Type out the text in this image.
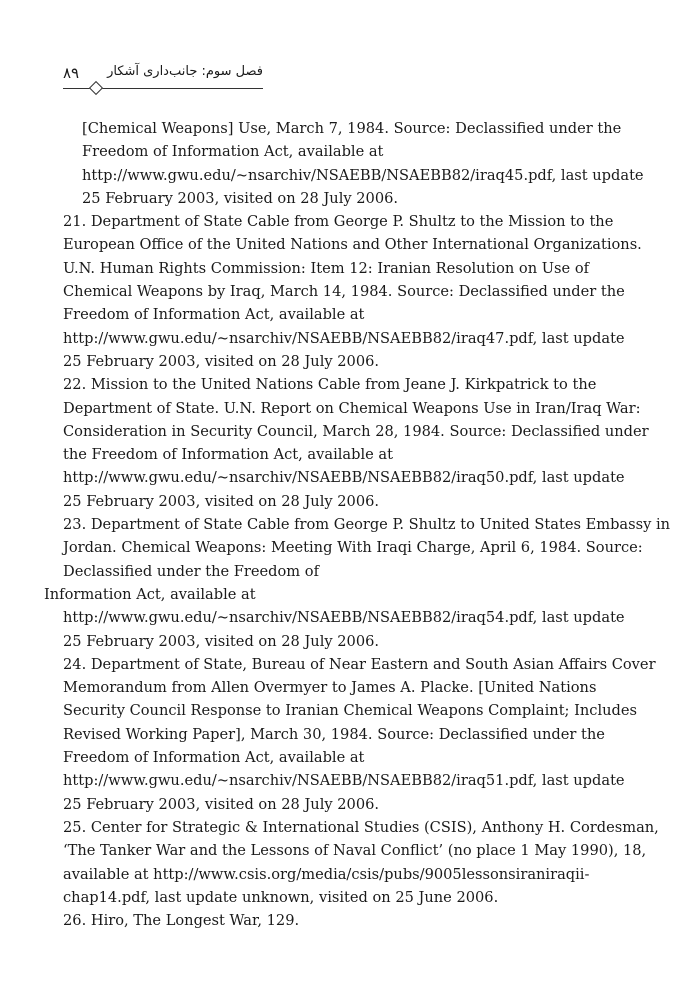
۸۹ فصل سوم: جانب‌داری آشکار

[Chemical Weapons] Use, March 7, 1984. Source: Declassified under the
Freedom of Information Act, available at
http://www.gwu.edu/~nsarchiv/NSAEBB/NSAEBB82/iraq45.pdf, last update
25 February 2003, visited on 28 July 2006.

21. Department of State Cable from George P. Shultz to the Mission to the
European Office of the United Nations and Other International Organizations.
U.N. Human Rights Commission: Item 12: Iranian Resolution on Use of
Chemical Weapons by Iraq, March 14, 1984. Source: Declassified under the
Freedom of Information Act, available at
http://www.gwu.edu/~nsarchiv/NSAEBB/NSAEBB82/iraq47.pdf, last update
25 February 2003, visited on 28 July 2006.

22. Mission to the United Nations Cable from Jeane J. Kirkpatrick to the
Department of State. U.N. Report on Chemical Weapons Use in Iran/Iraq War:
Consideration in Security Council, March 28, 1984. Source: Declassified under
the Freedom of Information Act, available at
http://www.gwu.edu/~nsarchiv/NSAEBB/NSAEBB82/iraq50.pdf, last update
25 February 2003, visited on 28 July 2006.

23. Department of State Cable from George P. Shultz to United States Embassy in
Jordan. Chemical Weapons: Meeting With Iraqi Charge, April 6, 1984. Source:
Declassified under the Freedom of
Information Act, available at
http://www.gwu.edu/~nsarchiv/NSAEBB/NSAEBB82/iraq54.pdf, last update
25 February 2003, visited on 28 July 2006.

24. Department of State, Bureau of Near Eastern and South Asian Affairs Cover
Memorandum from Allen Overmyer to James A. Placke. [United Nations
Security Council Response to Iranian Chemical Weapons Complaint; Includes
Revised Working Paper], March 30, 1984. Source: Declassified under the
Freedom of Information Act, available at
http://www.gwu.edu/~nsarchiv/NSAEBB/NSAEBB82/iraq51.pdf, last update
25 February 2003, visited on 28 July 2006.

25. Center for Strategic & International Studies (CSIS), Anthony H. Cordesman,
‘The Tanker War and the Lessons of Naval Conflict’ (no place 1 May 1990), 18,
available at http://www.csis.org/media/csis/pubs/9005lessonsiraniraqii-
chap14.pdf, last update unknown, visited on 25 June 2006.

26. Hiro, The Longest War, 129.
